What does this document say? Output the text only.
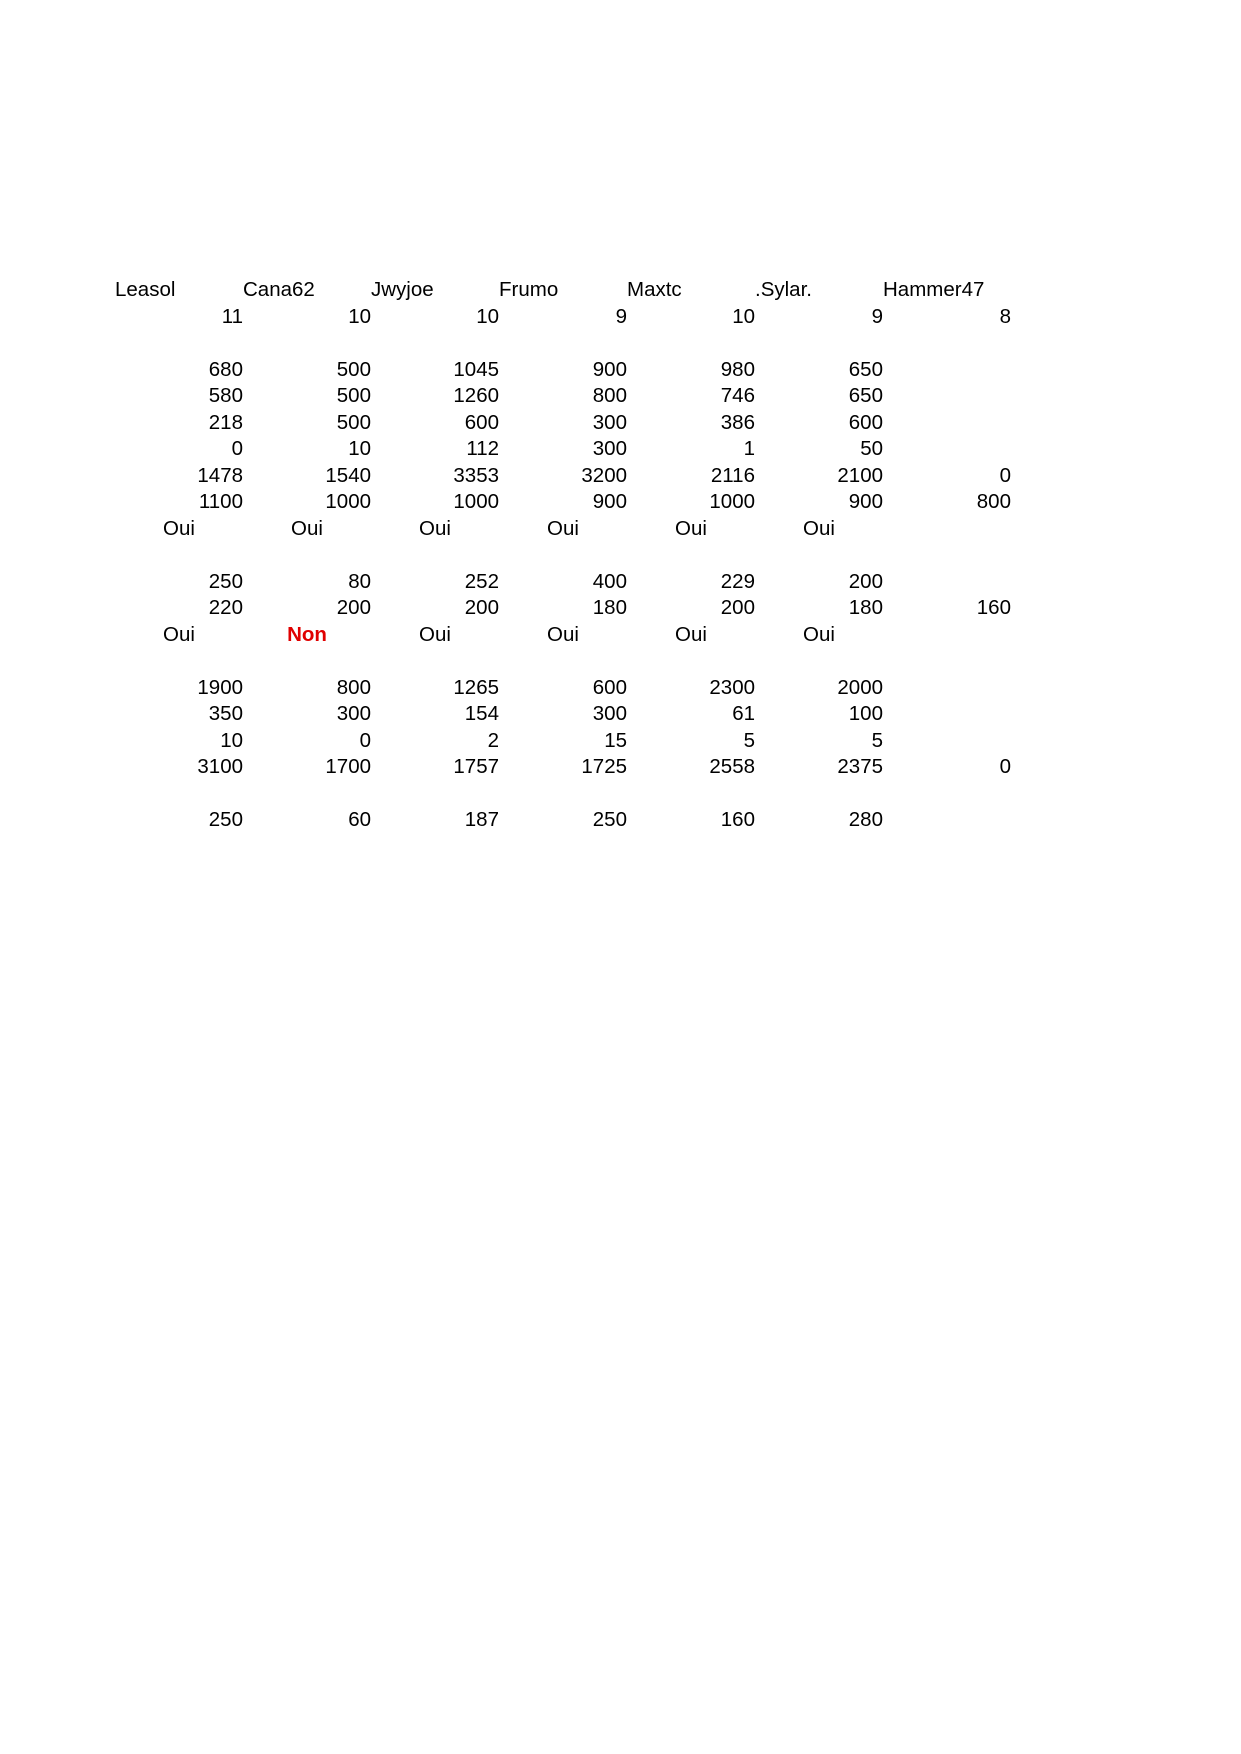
Leasol	Cana62	Jwyjoe	Frumo	Maxtc	.Sylar.	Hammer47
11	10	10	9	10	9	8

680	500	1045	900	980	650	
580	500	1260	800	746	650	
218	500	600	300	386	600	
0	10	112	300	1	50	
1478	1540	3353	3200	2116	2100	0
1100	1000	1000	900	1000	900	800
Oui	Oui	Oui	Oui	Oui	Oui	

250	80	252	400	229	200	
220	200	200	180	200	180	160
Oui	Non	Oui	Oui	Oui	Oui	

1900	800	1265	600	2300	2000	
350	300	154	300	61	100	
10	0	2	15	5	5	
3100	1700	1757	1725	2558	2375	0

250	60	187	250	160	280	
